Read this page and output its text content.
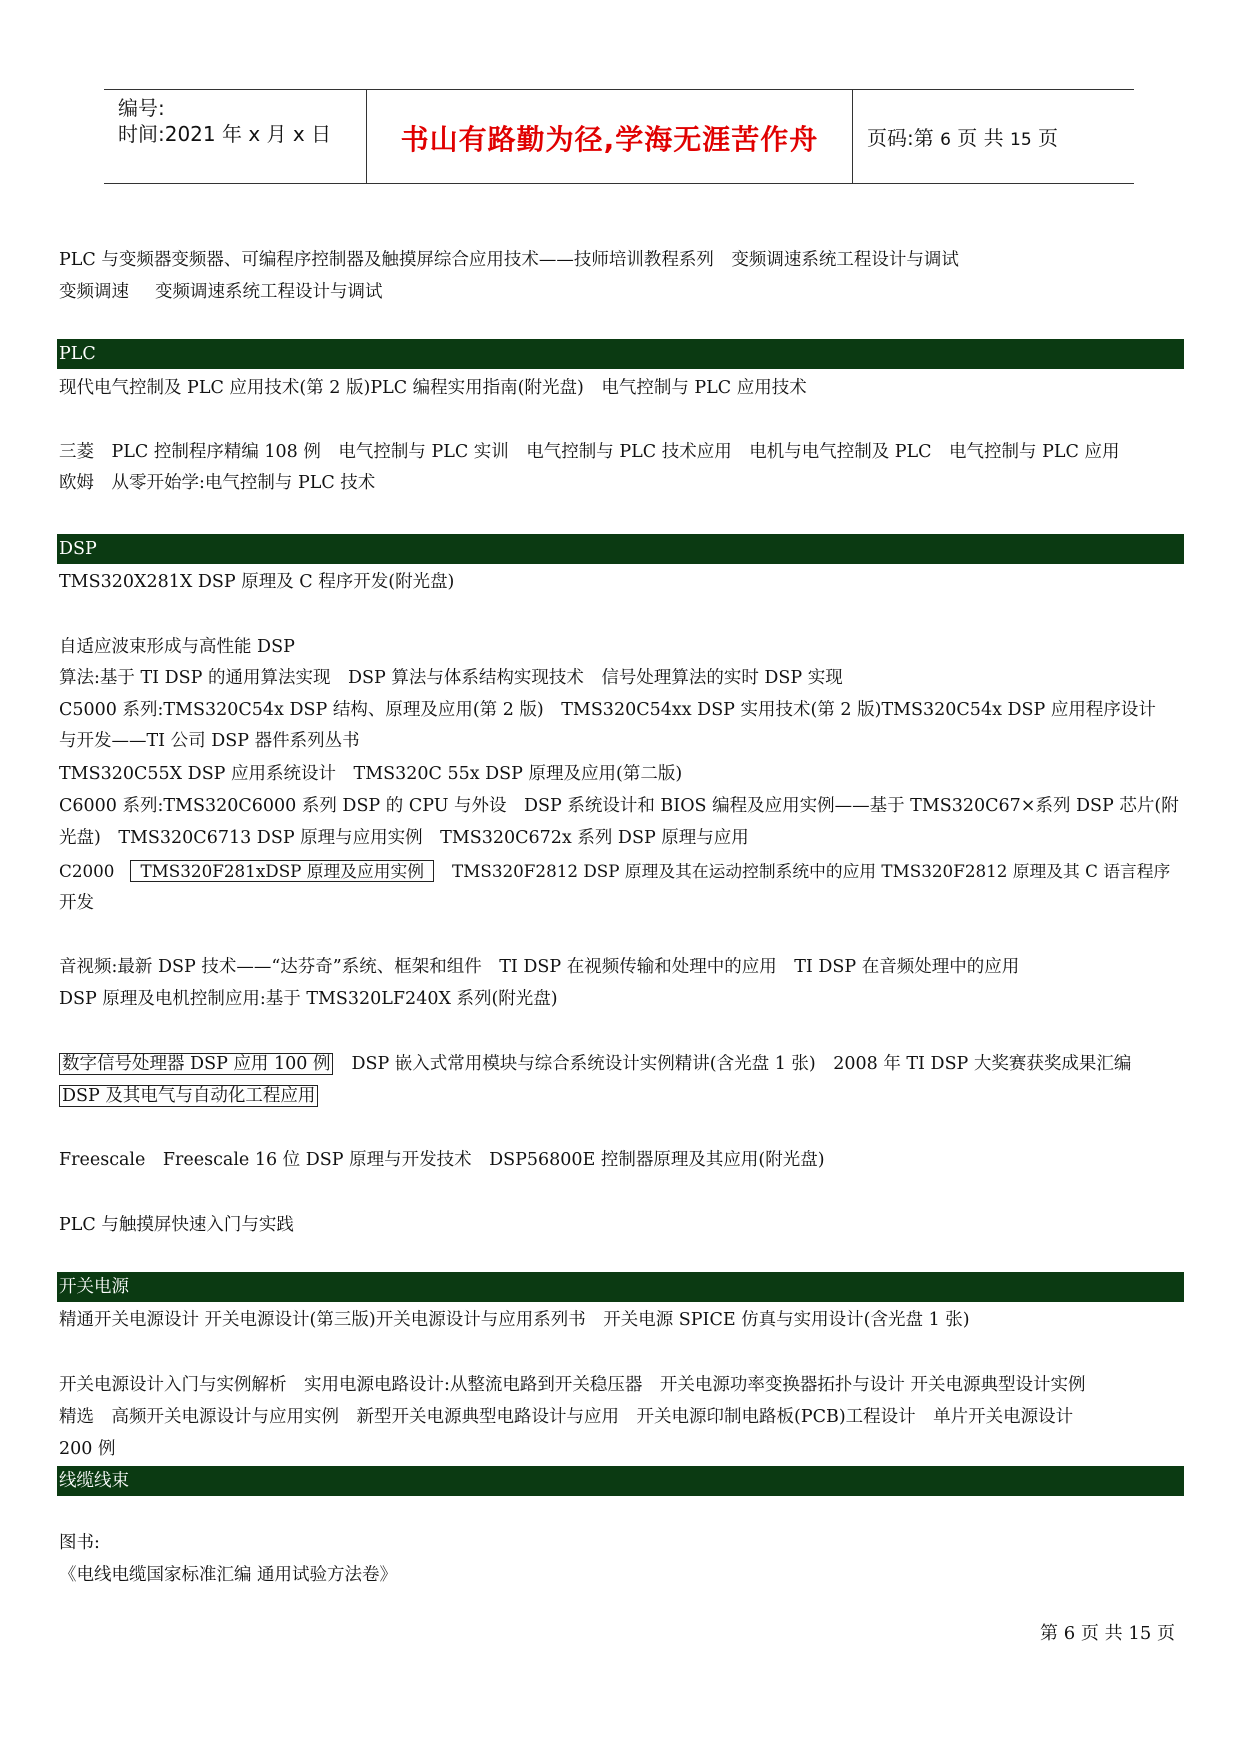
编号:
时间:2021 年 x 月 x 日	书山有路勤为径,学海无涯苦作舟	页码:第 6 页 共 15 页
PLC 与变频器变频器、可编程序控制器及触摸屏综合应用技术——技师培训教程系列　变频调速系统工程设计与调试
变频调速 变频调速系统工程设计与调试
PLC
现代电气控制及 PLC 应用技术(第 2 版)PLC 编程实用指南(附光盘)　电气控制与 PLC 应用技术
三菱　PLC 控制程序精编 108 例　电气控制与 PLC 实训　电气控制与 PLC 技术应用　电机与电气控制及 PLC　电气控制与 PLC 应用
欧姆　从零开始学:电气控制与 PLC 技术
DSP
TMS320X281X DSP 原理及 C 程序开发(附光盘)
自适应波束形成与高性能 DSP
算法:基于 TI DSP 的通用算法实现　DSP 算法与体系结构实现技术　信号处理算法的实时 DSP 实现
C5000 系列:TMS320C54x DSP 结构、原理及应用(第 2 版)　TMS320C54xx DSP 实用技术(第 2 版)TMS320C54x DSP 应用程序设计
与开发——TI 公司 DSP 器件系列丛书
TMS320C55X DSP 应用系统设计　TMS320C 55x DSP 原理及应用(第二版)
C6000 系列:TMS320C6000 系列 DSP 的 CPU 与外设　DSP 系统设计和 BIOS 编程及应用实例——基于 TMS320C67×系列 DSP 芯片(附
光盘)　TMS320C6713 DSP 原理与应用实例　TMS320C672x 系列 DSP 原理与应用
C2000 TMS320F281xDSP 原理及应用实例 TMS320F2812 DSP 原理及其在运动控制系统中的应用 TMS320F2812 原理及其 C 语言程序
开发
音视频:最新 DSP 技术——“达芬奇”系统、框架和组件　TI DSP 在视频传输和处理中的应用　TI DSP 在音频处理中的应用
DSP 原理及电机控制应用:基于 TMS320LF240X 系列(附光盘)
数字信号处理器 DSP 应用 100 例 DSP 嵌入式常用模块与综合系统设计实例精讲(含光盘 1 张)　2008 年 TI DSP 大奖赛获奖成果汇编
DSP 及其电气与自动化工程应用
Freescale　Freescale 16 位 DSP 原理与开发技术　DSP56800E 控制器原理及其应用(附光盘)
PLC 与触摸屏快速入门与实践
开关电源
精通开关电源设计 开关电源设计(第三版)开关电源设计与应用系列书　开关电源 SPICE 仿真与实用设计(含光盘 1 张)
开关电源设计入门与实例解析　实用电源电路设计:从整流电路到开关稳压器　开关电源功率变换器拓扑与设计 开关电源典型设计实例
精选　高频开关电源设计与应用实例　新型开关电源典型电路设计与应用　开关电源印制电路板(PCB)工程设计　单片开关电源设计
200 例
线缆线束
图书:
《电线电缆国家标准汇编 通用试验方法卷》
第 6 页 共 15 页
